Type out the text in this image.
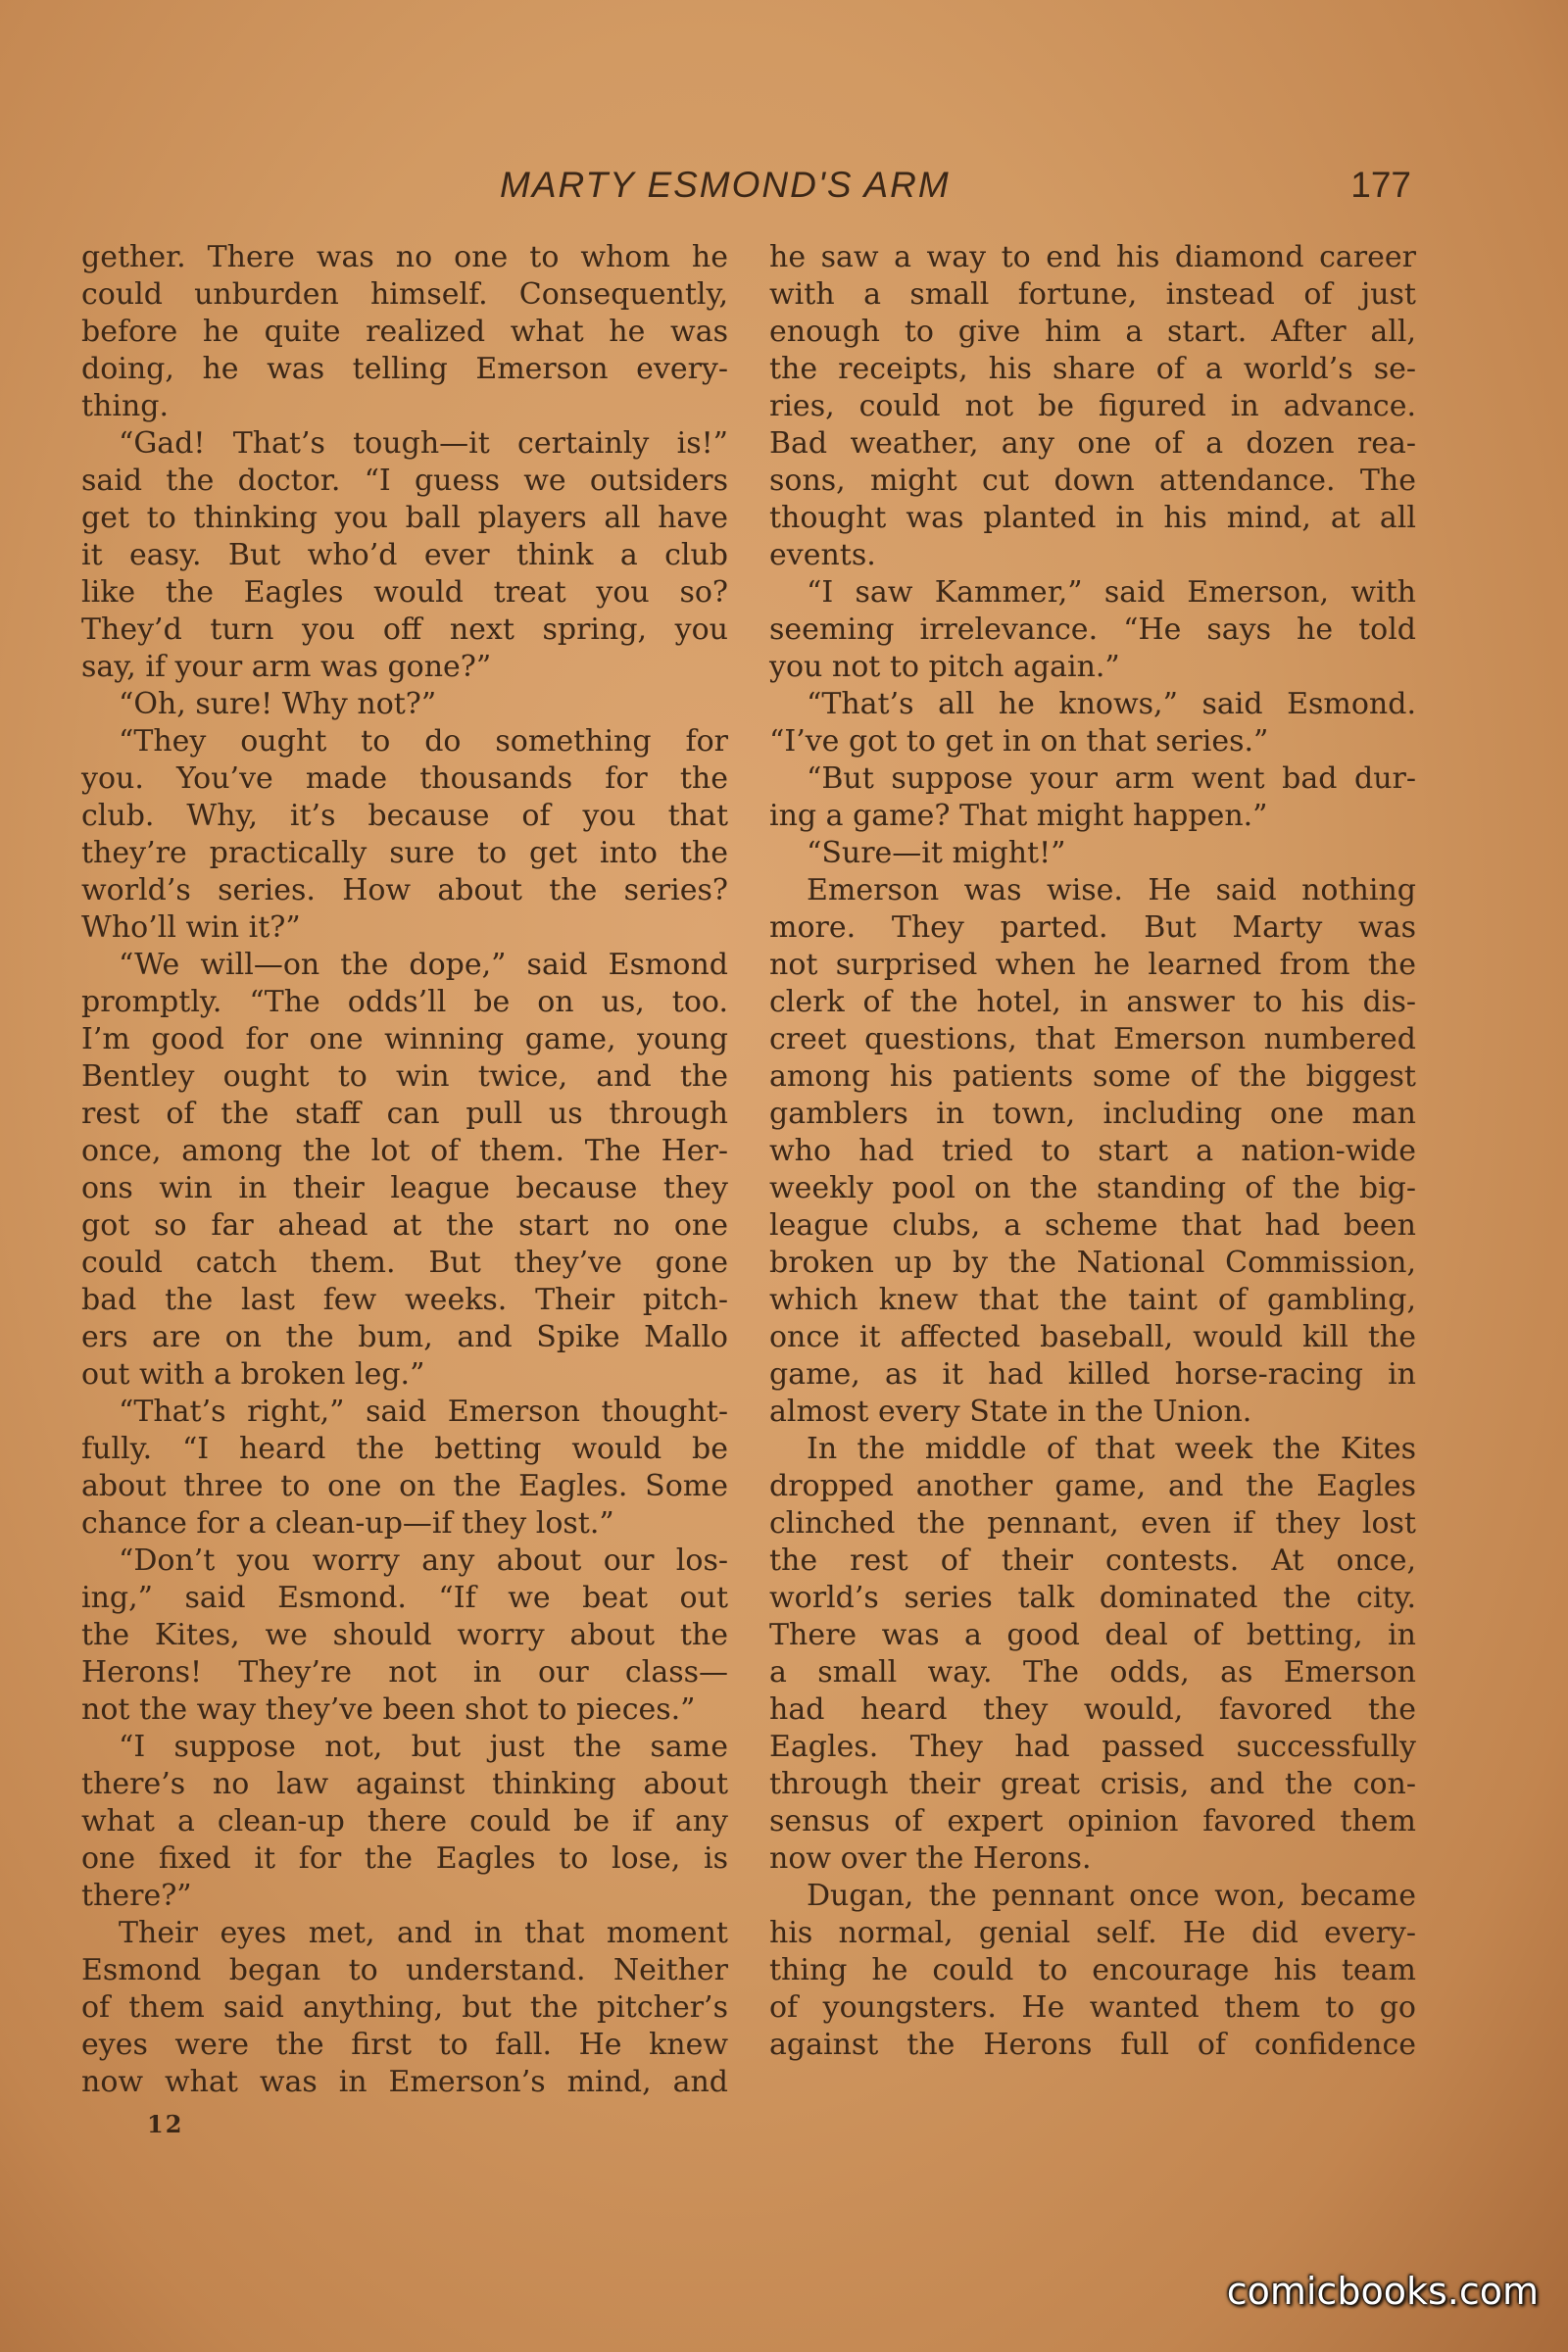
MARTY ESMOND'S ARM	177
gether. There was no one to whom he
could unburden himself. Consequently,
before he quite realized what he was
doing, he was telling Emerson every-
thing.
“Gad! That’s tough—it certainly is!”
said the doctor. “I guess we outsiders
get to thinking you ball players all have
it easy. But who’d ever think a club
like the Eagles would treat you so?
They’d turn you off next spring, you
say, if your arm was gone?”
“Oh, sure! Why not?”
“They ought to do something for
you. You’ve made thousands for the
club. Why, it’s because of you that
they’re practically sure to get into the
world’s series. How about the series?
Who’ll win it?”
“We will—on the dope,” said Esmond
promptly. “The odds’ll be on us, too.
I’m good for one winning game, young
Bentley ought to win twice, and the
rest of the staff can pull us through
once, among the lot of them. The Her-
ons win in their league because they
got so far ahead at the start no one
could catch them. But they’ve gone
bad the last few weeks. Their pitch-
ers are on the bum, and Spike Mallo
out with a broken leg.”
“That’s right,” said Emerson thought-
fully. “I heard the betting would be
about three to one on the Eagles. Some
chance for a clean-up—if they lost.”
“Don’t you worry any about our los-
ing,” said Esmond. “If we beat out
the Kites, we should worry about the
Herons! They’re not in our class—
not the way they’ve been shot to pieces.”
“I suppose not, but just the same
there’s no law against thinking about
what a clean-up there could be if any
one fixed it for the Eagles to lose, is
there?”
Their eyes met, and in that moment
Esmond began to understand. Neither
of them said anything, but the pitcher’s
eyes were the first to fall. He knew
now what was in Emerson’s mind, and
he saw a way to end his diamond career
with a small fortune, instead of just
enough to give him a start. After all,
the receipts, his share of a world’s se-
ries, could not be figured in advance.
Bad weather, any one of a dozen rea-
sons, might cut down attendance. The
thought was planted in his mind, at all
events.
“I saw Kammer,” said Emerson, with
seeming irrelevance. “He says he told
you not to pitch again.”
“That’s all he knows,” said Esmond.
“I’ve got to get in on that series.”
“But suppose your arm went bad dur-
ing a game? That might happen.”
“Sure—it might!”
Emerson was wise. He said nothing
more. They parted. But Marty was
not surprised when he learned from the
clerk of the hotel, in answer to his dis-
creet questions, that Emerson numbered
among his patients some of the biggest
gamblers in town, including one man
who had tried to start a nation-wide
weekly pool on the standing of the big-
league clubs, a scheme that had been
broken up by the National Commission,
which knew that the taint of gambling,
once it affected baseball, would kill the
game, as it had killed horse-racing in
almost every State in the Union.
In the middle of that week the Kites
dropped another game, and the Eagles
clinched the pennant, even if they lost
the rest of their contests. At once,
world’s series talk dominated the city.
There was a good deal of betting, in
a small way. The odds, as Emerson
had heard they would, favored the
Eagles. They had passed successfully
through their great crisis, and the con-
sensus of expert opinion favored them
now over the Herons.
Dugan, the pennant once won, became
his normal, genial self. He did every-
thing he could to encourage his team
of youngsters. He wanted them to go
against the Herons full of confidence
12
comicbooks.com
